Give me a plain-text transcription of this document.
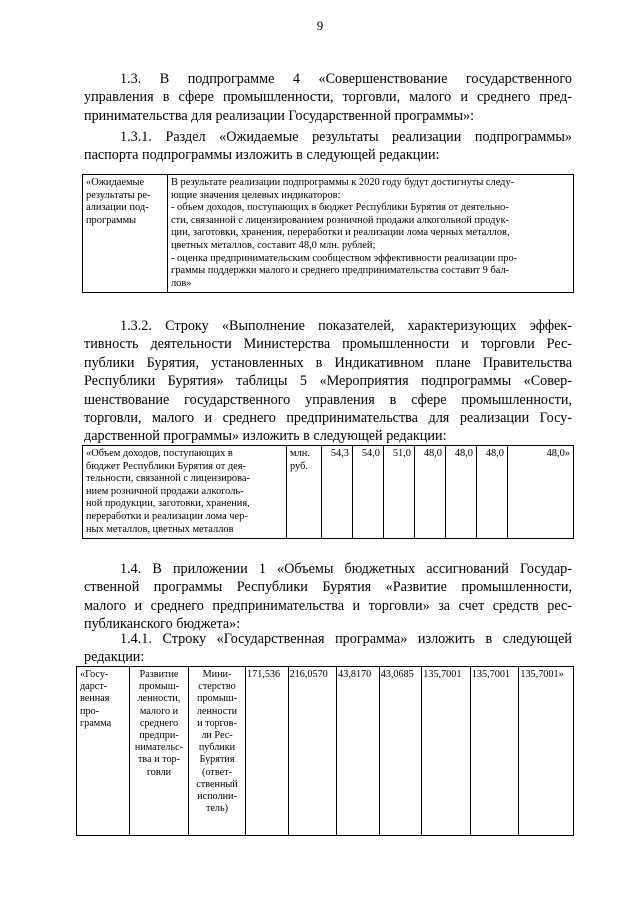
9
1.3. В подпрограмме 4 «Совершенствование государственного
управления в сфере промышленности, торговли, малого и среднего пред-
принимательства для реализации Государственной программы»:
1.3.1. Раздел «Ожидаемые результаты реализации подпрограммы»
паспорта подпрограммы изложить в следующей редакции:
«Ожидаемые
результаты ре-
ализации под-
программы

В результате реализации подпрограммы к 2020 году будут достигнуты следу-
ющие значения целевых индикаторов:
- объем доходов, поступающих в бюджет Республики Бурятия от деятельно-
сти, связанной с лицензированием розничной продажи алкогольной продук-
ции, заготовки, хранения, переработки и реализации лома черных металлов,
цветных металлов, составит 48,0 млн. рублей;
- оценка предпринимательским сообществом эффективности реализации про-
граммы поддержки малого и среднего предпринимательства составит 9 бал-
лов»
1.3.2. Строку «Выполнение показателей, характеризующих эффек-
тивность деятельности Министерства промышленности и торговли Рес-
публики Бурятия, установленных в Индикативном плане Правительства
Республики Бурятия» таблицы 5 «Мероприятия подпрограммы «Совер-
шенствование государственного управления в сфере промышленности,
торговли, малого и среднего предпринимательства для реализации Госу-
дарственной программы» изложить в следующей редакции:
«Объем доходов, поступающих в
бюджет Республики Бурятия от дея-
тельности, связанной с лицензирова-
нием розничной продажи алкоголь-
ной продукции, заготовки, хранения,
переработки и реализации лома чер-
ных металлов, цветных металлов

млн.
руб.
	54,3	54,0	51,0	48,0	48,0	48,0	48,0»
1.4. В приложении 1 «Объемы бюджетных ассигнований Государ-
ственной программы Республики Бурятия «Развитие промышленности,
малого и среднего предпринимательства и торговли» за счет средств рес-
публиканского бюджета»:
1.4.1. Строку «Государственная программа» изложить в следующей
редакции:
«Госу-
дарст-
венная
про-
грамма

Развитие
промыш-
ленности,
малого и
среднего
предпри-
нимательс-
тва и тор-
говли

Мини-
стерство
промыш-
ленности
и торгов-
ли Рес-
публики
Бурятия
(ответ-
ственный
исполни-
тель)
	171,536	216,0570	43,8170	43,0685	135,7001	135,7001	135,7001»
